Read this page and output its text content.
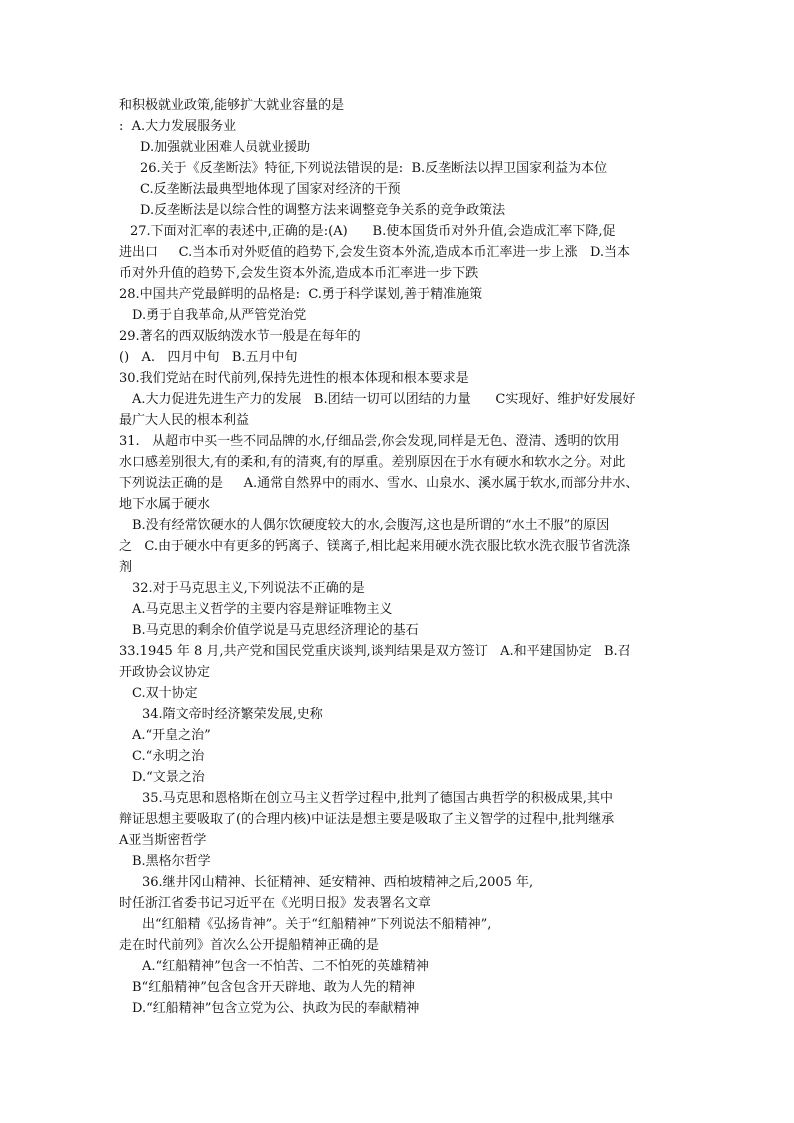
和积极就业政策,能够扩大就业容量的是
:  A.大力发展服务业
D.加强就业困难人员就业援助
26.关于《反垄断法》特征,下列说法错误的是:  B.反垄断法以捍卫国家利益为本位
C.反垄断法最典型地体现了国家对经济的干预
D.反垄断法是以综合性的调整方法来调整竞争关系的竞争政策法
27.下面对汇率的表述中,正确的是:(A)      B.使本国货币对外升值,会造成汇率下降,促
进出口     C.当本币对外贬值的趋势下,会发生资本外流,造成本币汇率进一步上涨   D.当本
币对外升值的趋势下,会发生资本外流,造成本币汇率进一步下跌
28.中国共产党最鲜明的品格是:  C.勇于科学谋划,善于精准施策
D.勇于自我革命,从严管党治党
29.著名的西双版纳泼水节一般是在每年的
()   A.   四月中旬   B.五月中旬
30.我们党站在时代前列,保持先进性的根本体现和根本要求是
A.大力促进先进生产力的发展   B.团结一切可以团结的力量      C实现好、维护好发展好
最广大人民的根本利益
31.   从超市中买一些不同品牌的水,仔细品尝,你会发现,同样是无色、澄清、透明的饮用
水口感差别很大,有的柔和,有的清爽,有的厚重。差别原因在于水有硬水和软水之分。对此
下列说法正确的是     A.通常自然界中的雨水、雪水、山泉水、溪水属于软水,而部分井水、
地下水属于硬水
B.没有经常饮硬水的人偶尔饮硬度较大的水,会腹泻,这也是所谓的“水土不服”的原因
之   C.由于硬水中有更多的钙离子、镁离子,相比起来用硬水洗衣服比软水洗衣服节省洗涤
剂
32.对于马克思主义,下列说法不正确的是
A.马克思主义哲学的主要内容是辩证唯物主义
B.马克思的剩余价值学说是马克思经济理论的基石
33.1945 年 8 月,共产党和国民党重庆谈判,谈判结果是双方签订   A.和平建国协定   B.召
开政协会议协定
C.双十协定
34.隋文帝时经济繁荣发展,史称
A.“开皇之治”
C.“永明之治
D.“文景之治
35.马克思和恩格斯在创立马主义哲学过程中,批判了德国古典哲学的积极成果,其中
辩证思想主要吸取了(的合理内核)中证法是想主要是吸取了主义智学的过程中,批判继承
A亚当斯密哲学
B.黑格尔哲学
36.继井冈山精神、长征精神、延安精神、西柏坡精神之后,2005 年,
时任浙江省委书记习近平在《光明日报》发表署名文章
出“红船精《弘扬肯神”。关于“红船精神”下列说法不船精神”,
走在时代前列》首次么公开提船精神正确的是
A.“红船精神”包含一不怕苦、二不怕死的英雄精神
B“红船精神”包含包含开天辟地、敢为人先的精神
D.“红船精神”包含立党为公、执政为民的奉献精神
